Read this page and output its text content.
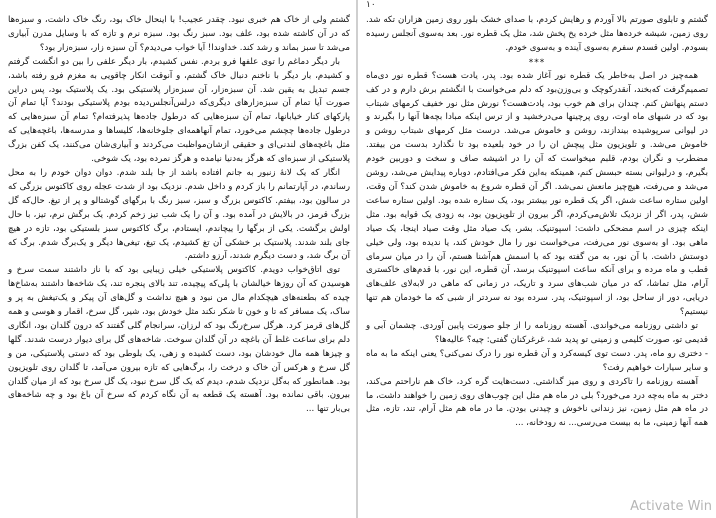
گشتم ولی از خاک هم خبری نبود. چقدر عجیب! با اینحال خاک بود، رنگ خاک داشت، و سبزه‌ها که در آن کاشته شده بود، علف بود. سبز رنگ بود. سبزه نرم و تازه که با وسایل مدرن آبیاری می‌شد تا سبز بماند و رشد کند. خداوندا! آیا خواب می‌دیدم؟ آن سبزه زار، سبزه‌زار بود؟

بار دیگر دماغم را توی علفها فرو بردم. نفس کشیدم، بار دیگر علفی را بین دو انگشت گرفتم و کشیدم، بار دیگر با ناخنم دنبال خاک گشتم، و آنوقت انکار چاقویی به مغزم فرو رفته باشد، جسم تبدیل به یقین شد. آن سبزه‌زار، آن سبزه‌زار پلاستیکی بود. یک پلاستیک بود، پس دراین صورت آیا تمام آن سبزه‌زارهای دیگری‌که درلس‌آنجلس‌دیده بودم پلاستیکی بودند؟ آیا تمام آن پارکهای کنار خیابانها، تمام آن سبزه‌هایی که درطول جاده‌ها پذیرفته‌ام؟ تمام آن سبزه‌هایی که درطول جاده‌ها چچشم می‌خورد، تمام آنها‌همه‌ای جلوخانه‌ها، کلیساها و مدرسه‌ها، باغچه‌هایی که مثل باغچه‌های لندنی‌ای و حقیقی ازشان‌مواظبت می‌کردند و آبیاری‌شان می‌کنند، یک کفن بزرگ پلاستیکی از سبزه‌ای که هرگز به‌دنیا نیامده و هرگز نمرده بود، یک شوخی.

انگار که یک لانهٔ زنبور به جانم افتاده باشد از جا بلند شدم. دوان دوان خودم را به محل رساندم، در آپارتمانم را باز کردم و داخل شدم. نزدیک بود از شدت عجله روی کاکتوس بزرگی که در سالون بود، بیفتم. کاکتوس بزرگ و سبز، سبز رنگ با برگهای گوشتالو و پر از تیغ. حال‌که گل بزرگ قرمز، در بالایش در آمده بود. و آن را یک شب تیز زخم کردم. یک برگش نرم، تیز، با حال اولش برگشت. یکی از برگها را ییچاندم، ایستادم، برگ کاکتوس سبز بلستیکی بود، تازه در هیچ‌ جای بلند شدند. پلاستیک بر خشکی آن تغ کشیدم، یک تیغ، تیغی‌ها دیگر و یک‌برگ شدم. برگ که آن برگ شد، و دست دیگرم شدند، آرزو داشتم.

توی اتاق‌خواب دویدم. کاکتوس پلاستیکی خیلی زیبایی بود که با ناز داشتند سمت سرخ و هوسیدن که آن روزها خیالشان با پلی‌که پیچیده، تند بالای پنجره تند، یک شاخه‌ها داشتند به‌شاخ‌ها چیده که بطعنه‌های هیچکدام مال من نبود و هیچ نداشت و گل‌های آن پیکر و یک‌تیغش به پر و ساک، یک مسافر که تا و خون تا شکر نکند مثل خودش بود، شیر، گل سرخ، اقمار و هوسی و همه گل‌های قرمز کرد. هرگل سرخ‌رنگ بود که لرزان، سرانجام گلی گفتند که درون گلدان بود، انگاری دلم برای ساعت غلط آن باغچه در آن گلدان سوخت. شاخه‌های گل برای دیوار درست شدند. گلها و چیزها همه مال خودشان بود، دست کشیده و زهی، یک بلوطی بود که دستی پلاستیکی، من و گل سرخ و هرکس آن خاک و درخت را، برگ‌هایی که تازه بیرون می‌آمد، تا گلدان روی تلویزیون بود. همانطور که به‌گل نزدیک شدم، دیدم که یک گل سرخ نبود، یک گل سرخ بود که از میان گلدان بیرون. باقی نمانده بود. آهسته یک قطعه به آن نگاه کردم که سرخ آن باغ بود و چه شاخه‌های بی‌بار تنها ...

۱۰

گشتم و تابلوی صورتم بالا آوردم و رهایش کردم، با صدای خشک بلور روی زمین هزاران تکه شد. روی زمین، شیشه خرده‌ها مثل خرده یخ پخش شد، مثل یک قطره نور. بعد به‌سوی آنجلس رسیده بسودم. اولین قسدم سفرم به‌سوی آینده و به‌سوی خودم.

***

همه‌چیز در اصل به‌خاطر یک قطره نور آغاز شده بود. پدر، یادت هست؟ قطره نور دی‌ماه تصمیم‌گرفت که‌بخند، آنقدرکوچک و بی‌وزن‌بود که دلم می‌خواست با انگشتم برش دارم و در کف دستم پنهانش کنم. چندان برای هم خوب بود، یادت‌هست؟ نورش مثل نور خفیف کرمهای شبتاب بود که در شبهای ماه اوت، روی پرچینها می‌درخشید و از ترس اینکه مبادا بچه‌ها آنها را بگیرند و در لیوانی سرپوشیده بیندازند، روشن و خاموش می‌شد. درست مثل کرمهای شبتاب روشن و خاموش می‌شد. و تلویزیون مثل پیچش ان را در خود بلعیده بود تا نگذارد بدست من بیفتد. مضطرب و نگران بودم، قلبم میخواست که آن را در اشیشه صاف و سخت و دوربین خودم بگیرم، و درلیوانی بسته حبسش کنم، همینکه به‌این فکر می‌افتادم، دوباره پیدایش می‌شد، روشن می‌شد و می‌رفت، هیچ‌چیز مانعش نمی‌شد. اگر آن قطره شروع به خاموش شدن کند؟ آن وقت، اولین ستاره ساعت شش، اگر یک قطره نور بیشتر بود، یک ستاره شده بود. اولین ستاره ساعت شش، پدر، اگر از نزدیک تلاش‌می‌کردم، اگر بیرون از تلویزیون بود، به زودی یک قوایه بود. مثل اینکه چیزی در اسم مضحکی داشت: اسپوتنیک. بشر، یک صیاد مثل وقت صیاد اینجا، یک صیاد ماهی بود. او به‌سوی نور می‌رفت، می‌خواست نور را مال خودش کند، یا ندیده بود، ولی خیلی دوستش داشت. با آن نور، به من گفته بود که با اسمش هم‌آشنا هستم، آن را در میان سرمای قطب و ماه مرده و برای آنکه ساعت اسپوتنیک برسد، آن قطره، این نور، با قدم‌های خاکستری آرام، مثل تماشا، که در میان شب‌های سرد و تاریک، در زمانی که ماهی در لابه‌لای علف‌های دریایی، دور از ساحل بود، از اسپوتنیک، پدر. سرده بود نه سردتر از شبی که ما خودمان هم تنها نیستیم؟

تو داشتی روزنامه می‌خواندی. آهسته روزنامه را از جلو صورتت پایین آوردی. چشمان آبی و قدیمی تو، صورت کلیمی و زمینی تو پدید شد، غرغرکنان گفتی: چیه؟ عالیه‌ها؟

- دختری رو ماه، پدر. دست توی کیسه‌کرد و آن قطره نور را درک نمی‌کنی؟ یعنی اینکه ما به ماه و سایر سیارات خواهیم رفت؟

آهسته روزنامه را تاکردی و روی میز گذاشتی. دست‌هایت گره کرد، خاک هم ناراحتم می‌کند، دختر به ماه به‌چه درد می‌خورد؟ بلی در ماه هم مثل این چوب‌های روی زمین را خواهند داشت، ما در ماه هم مثل زمین، نیز زندانی ناخوش و چیدنی بودن. ما در ماه هم مثل آرام، تند، تازه، مثل همه آنها زمینی، ما به بیست می‌رسی... نه رودخانه، ...

Activate Win
